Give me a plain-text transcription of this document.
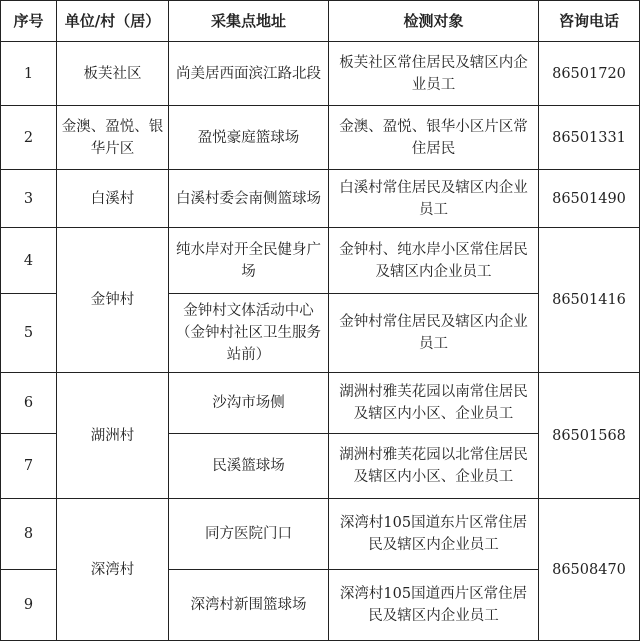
序号	单位/村（居）	采集点地址	检测对象	咨询电话
1	板芙社区	尚美居西面滨江路北段	板芙社区常住居民及辖区内企业员工	86501720
2	金澳、盈悦、银华片区	盈悦豪庭篮球场	金澳、盈悦、银华小区片区常住居民	86501331
3	白溪村	白溪村委会南侧篮球场	白溪村常住居民及辖区内企业员工	86501490
4	金钟村	纯水岸对开全民健身广场	金钟村、纯水岸小区常住居民及辖区内企业员工	86501416
5		金钟村文体活动中心（金钟村社区卫生服务站前）	金钟村常住居民及辖区内企业员工	
6	湖洲村	沙沟市场侧	湖洲村雅芙花园以南常住居民及辖区内小区、企业员工	86501568
7		民溪篮球场	湖洲村雅芙花园以北常住居民及辖区内小区、企业员工	
8	深湾村	同方医院门口	深湾村105国道东片区常住居民及辖区内企业员工	86508470
9		深湾村新围篮球场	深湾村105国道西片区常住居民及辖区内企业员工	
